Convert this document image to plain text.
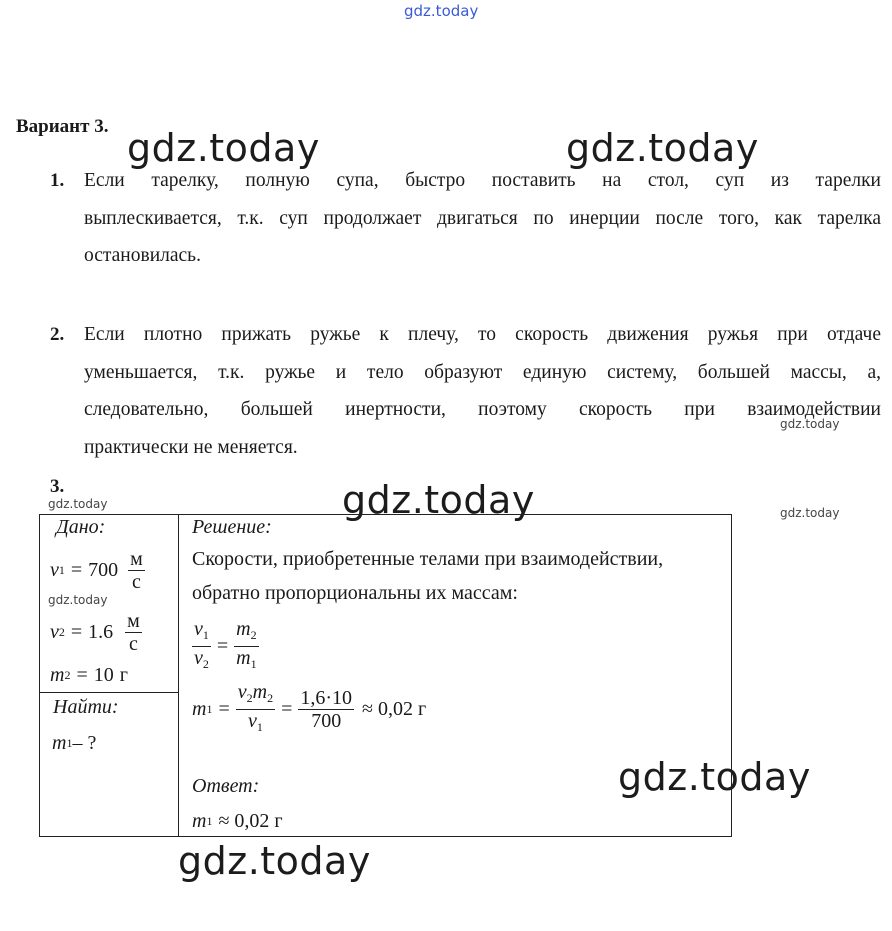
gdz.today
gdz.today	gdz.today
gdz.today
gdz.today
gdz.today
gdz.today
gdz.today
gdz.today
gdz.today
Вариант 3.
1. Если тарелку, полную супа, быстро поставить на стол, суп из тарелки
выплескивается, т.к. суп продолжает двигаться по инерции после того, как тарелка
остановилась.
2. Если плотно прижать ружье к плечу, то скорость движения ружья при отдаче
уменьшается, т.к. ружье и тело образуют единую систему, большей массы, а,
следовательно, большей инертности, поэтому скорость при взаимодействии
практически не меняется.
3.
Дано:
v $1 = 700 \frac{м}{с}$
v $2 = 1.6 \frac{м}{с}$
m 2 = 10 г
Найти:
m 1 – ?
Решение:
Скорости, приобретенные телами при взаимодействии,
обратно пропорциональны их массам:
$\frac{v_1}{v_2} = \frac{m_2}{m_1}$
m $1 = \frac{v_2m_2}{v_1} = \frac{1,6\cdot 10}{700} \approx 0,02$ г
Ответ:
m 1 ≈ 0,02 г
